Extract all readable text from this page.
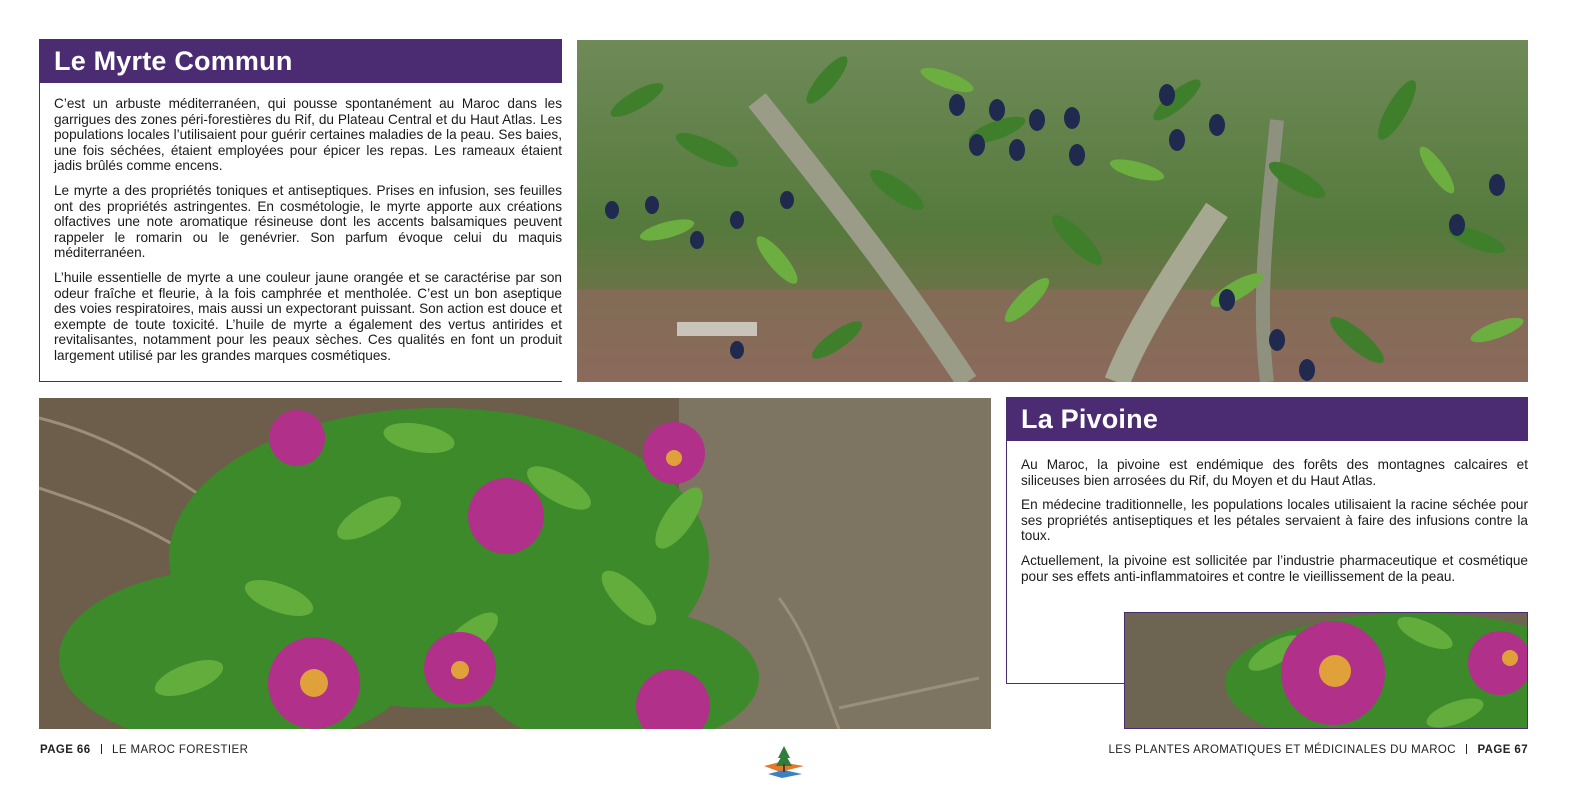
Le Myrte Commun

C’est un arbuste méditerranéen, qui pousse spontanément au Maroc dans les garrigues des zones péri-forestières du Rif, du Plateau Central et du Haut Atlas. Les populations locales l’utilisaient pour guérir certaines maladies de la peau. Ses baies, une fois séchées, étaient employées pour épicer les repas. Les rameaux étaient jadis brûlés comme encens.

Le myrte a des propriétés toniques et antiseptiques. Prises en infusion, ses feuilles ont des propriétés astringentes. En cosmétologie, le myrte apporte aux créations olfactives une note aromatique résineuse dont les accents balsamiques peuvent rappeler le romarin ou le genévrier. Son parfum évoque celui du maquis méditerranéen.

L’huile essentielle de myrte a une couleur jaune orangée et se caractérise par son odeur fraîche et fleurie, à la fois camphrée et mentholée. C’est un bon aseptique des voies respiratoires, mais aussi un expectorant puissant. Son action est douce et exempte de toute toxicité. L’huile de myrte a également des vertus antirides et revitalisantes, notamment pour les peaux sèches. Ces qualités en font un produit largement utilisé par les grandes marques cosmétiques.

La Pivoine

Au Maroc, la pivoine est endémique des forêts des montagnes calcaires et siliceuses bien arrosées du Rif, du Moyen et du Haut Atlas.

En médecine traditionnelle, les populations locales utilisaient la racine séchée pour ses propriétés antiseptiques et les pétales servaient à faire des infusions contre la toux.

Actuellement, la pivoine est sollicitée par l’industrie pharmaceutique et cosmétique pour ses effets anti-inflammatoires et contre le vieillissement de la peau.

PAGE 66 LE MAROC FORESTIER	LES PLANTES AROMATIQUES ET MÉDICINALES DU MAROC PAGE 67
